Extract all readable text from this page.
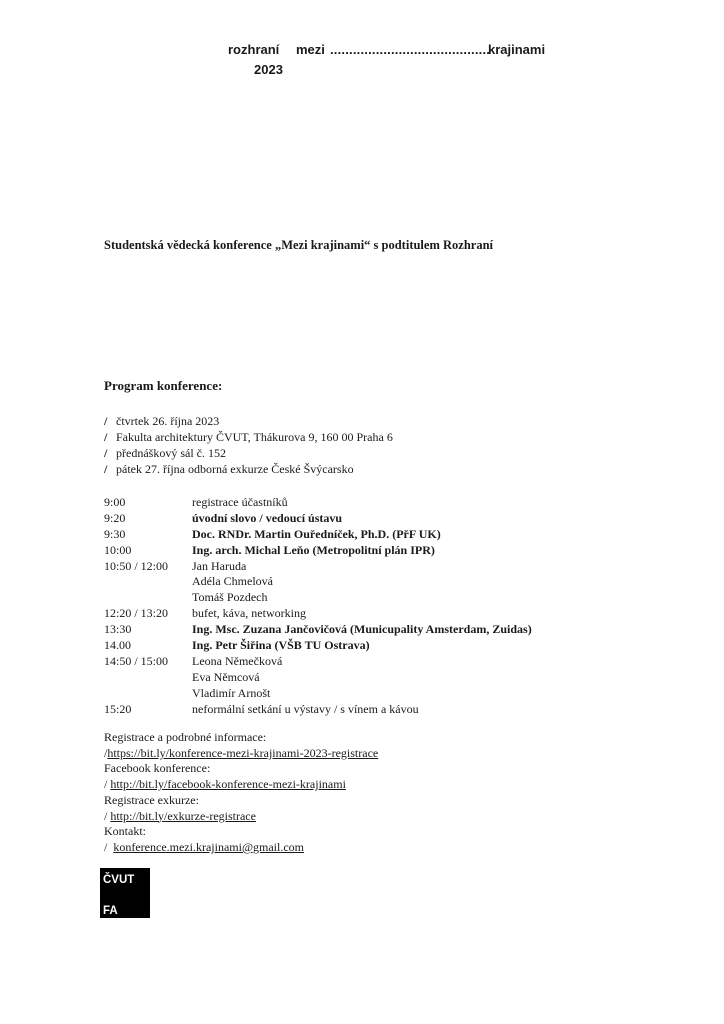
rozhraní mezi ..........................................
krajinami
2023
Studentská vědecká konference „Mezi krajinami“ s podtitulem Rozhraní
Program konference:
/ čtvrtek 26. října 2023
/ Fakulta architektury ČVUT, Thákurova 9, 160 00 Praha 6
/ přednáškový sál č. 152
/ pátek 27. října odborná exkurze České Švýcarsko
9:00	registrace účastníků
9:20	úvodní slovo / vedoucí ústavu
9:30	Doc. RNDr. Martin Ouředníček, Ph.D. (PřF UK)
10:00	Ing. arch. Michal Leňo (Metropolitní plán IPR)
10:50 / 12:00	Jan Haruda
Adéla Chmelová
Tomáš Pozdech
12:20 / 13:20	bufet, káva, networking
13:30	Ing. Msc. Zuzana Jančovičová (Municupality Amsterdam, Zuidas)
14.00	Ing. Petr Šiřina (VŠB TU Ostrava)
14:50 / 15:00	Leona Němečková
Eva Němcová
Vladimír Arnošt
15:20	neformální setkání u výstavy / s vínem a kávou
Registrace a podrobné informace:
/https://bit.ly/konference-mezi-krajinami-2023-registrace
Facebook konference:
/ http://bit.ly/facebook-konference-mezi-krajinami
Registrace exkurze:
/ http://bit.ly/exkurze-registrace
Kontakt:
/  konference.mezi.krajinami@gmail.com
ČVUT
FA
